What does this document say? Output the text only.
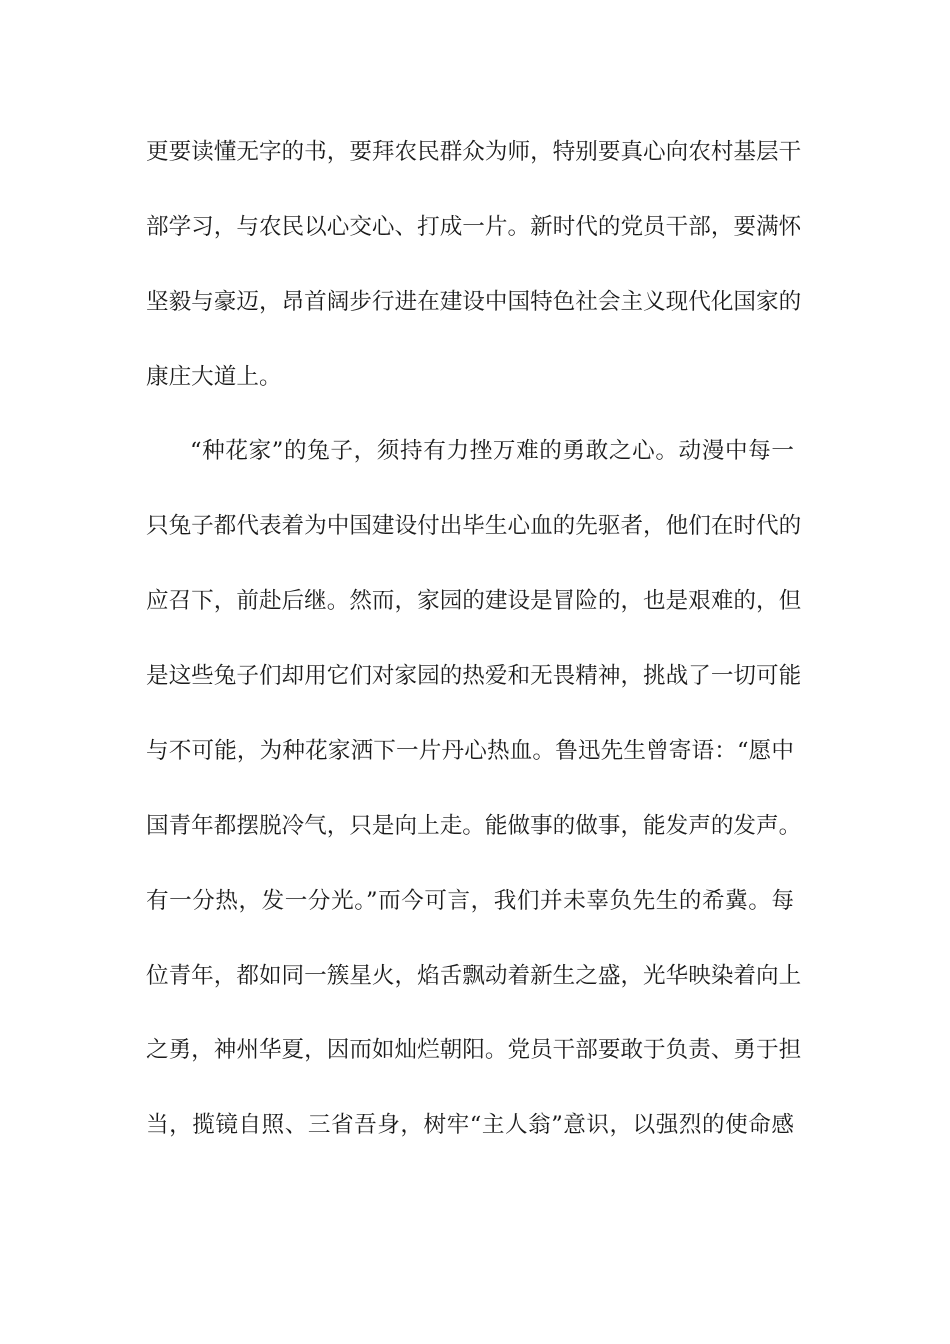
更要读懂无字的书，要拜农民群众为师，特别要真心向农村基层干
部学习，与农民以心交心、打成一片。新时代的党员干部，要满怀
坚毅与豪迈，昂首阔步行进在建设中国特色社会主义现代化国家的
康庄大道上。
“种花家”的兔子，须持有力挫万难的勇敢之心。动漫中每一
只兔子都代表着为中国建设付出毕生心血的先驱者，他们在时代的
应召下，前赴后继。然而，家园的建设是冒险的，也是艰难的，但
是这些兔子们却用它们对家园的热爱和无畏精神，挑战了一切可能
与不可能，为种花家洒下一片丹心热血。鲁迅先生曾寄语：“愿中
国青年都摆脱冷气，只是向上走。能做事的做事，能发声的发声。
有一分热，发一分光。”而今可言，我们并未辜负先生的希冀。每
位青年，都如同一簇星火，焰舌飘动着新生之盛，光华映染着向上
之勇，神州华夏，因而如灿烂朝阳。党员干部要敢于负责、勇于担
当，揽镜自照、三省吾身，树牢“主人翁”意识，以强烈的使命感
